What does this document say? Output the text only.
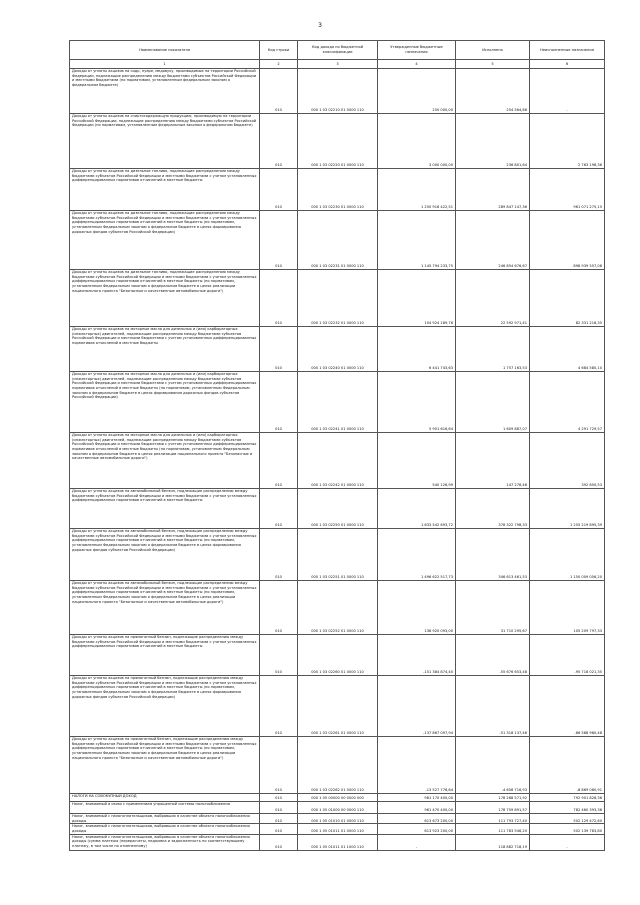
3
Наименование показателя	Код строки	Код дохода по бюджетной классификации	Утвержденные бюджетные назначения	Исполнено	Неисполненные назначения
1	2	3	4	5	6
Доходы от уплаты акцизов на сидр, пуаре, медовуху, производимые на территории Российской Федерации, подлежащие распределению между бюджетами субъектов Российской Федерации и местными бюджетами (по нормативам, установленным федеральным законом о федеральном бюджете)	010	000 1 03 02210 01 0000 110	250 000,00	254 564,66	-
Доходы от уплаты акцизов на спиртосодержащую продукцию, производимую на территории Российской Федерации, подлежащие распределению между бюджетами субъектов Российской Федерации (по нормативам, установленным федеральным законом о федеральном бюджете)	010	000 1 03 02220 01 0000 110	3 000 000,00	236 801,64	2 763 198,36
Доходы от уплаты акцизов на дизельное топливо, подлежащие распределению между бюджетами субъектов Российской Федерации и местными бюджетами с учетом установленных дифференцированных нормативов отчислений в местные бюджеты	010	000 1 03 02230 01 0000 110	1 250 918 422,51	289 847 147,36	961 071 275,15
Доходы от уплаты акцизов на дизельное топливо, подлежащие распределению между бюджетами субъектов Российской Федерации и местными бюджетами с учетом установленных дифференцированных нормативов отчислений в местные бюджеты (по нормативам, установленным Федеральным законом о федеральном бюджете в целях формирования дорожных фондов субъектов Российской Федерации)	010	000 1 03 02231 01 0000 110	1 145 794 233,75	246 854 676,67	898 939 557,08
Доходы от уплаты акцизов на дизельное топливо, подлежащие распределению между бюджетами субъектов Российской Федерации и местными бюджетами с учетом установленных дифференцированных нормативов отчислений в местные бюджеты (по нормативам, установленным Федеральным законом о федеральном бюджете в целях реализации национального проекта "Безопасные и качественные автомобильные дороги")	010	000 1 03 02232 01 0000 110	104 924 189,76	22 592 971,41	82 331 218,35
Доходы от уплаты акцизов на моторные масла для дизельных и (или) карбюраторных (инжекторных) двигателей, подлежащие распределению между бюджетами субъектов Российской Федерации и местными бюджетами с учетом установленных дифференцированных нормативов отчислений в местные бюджеты	010	000 1 03 02240 01 0000 110	6 441 743,63	1 757 163,53	4 684 580,10
Доходы от уплаты акцизов на моторные масла для дизельных и (или) карбюраторных (инжекторных) двигателей, подлежащие распределению между бюджетами субъектов Российской Федерации и местными бюджетами с учетом установленных дифференцированных нормативов отчислений в местные бюджеты (по нормативам, установленным Федеральным законом о федеральном бюджете в целях формирования дорожных фондов субъектов Российской Федерации)	010	000 1 03 02241 01 0000 110	5 901 616,64	1 609 887,07	4 291 729,57
Доходы от уплаты акцизов на моторные масла для дизельных и (или) карбюраторных (инжекторных) двигателей, подлежащие распределению между бюджетами субъектов Российской Федерации и местными бюджетами с учетом установленных дифференцированных нормативов отчислений в местные бюджеты (по нормативам, установленным Федеральным законом о федеральном бюджете в целях реализации национального проекта "Безопасные и качественные автомобильные дороги")	010	000 1 03 02242 01 0000 110	540 126,99	147 276,46	392 850,53
Доходы от уплаты акцизов на автомобильный бензин, подлежащие распределению между бюджетами субъектов Российской Федерации и местными бюджетами с учетом установленных дифференцированных нормативов отчислений в местные бюджеты	010	000 1 03 02250 01 0000 110	1 633 542 693,72	378 322 798,33	1 255 219 895,39
Доходы от уплаты акцизов на автомобильный бензин, подлежащие распределению между бюджетами субъектов Российской Федерации и местными бюджетами с учетом установленных дифференцированных нормативов отчислений в местные бюджеты (по нормативам, установленным Федеральным законом о федеральном бюджете в целях формирования дорожных фондов субъектов Российской Федерации)	010	000 1 03 02251 01 0000 110	1 496 622 517,73	346 613 461,53	1 150 009 056,20
Доходы от уплаты акцизов на автомобильный бензин, подлежащие распределению между бюджетами субъектов Российской Федерации и местными бюджетами с учетом установленных дифференцированных нормативов отчислений в местные бюджеты (по нормативам, установленным Федеральным законом о федеральном бюджете в целях реализации национального проекта "Безопасные и качественные автомобильные дороги")	010	000 1 03 02252 01 0000 110	136 920 093,00	31 710 295,67	105 209 797,33
Доходы от уплаты акцизов на прямогонный бензин, подлежащие распределению между бюджетами субъектов Российской Федерации и местными бюджетами с учетом установленных дифференцированных нормативов отчислений в местные бюджеты	010	000 1 03 02260 01 0000 110	-151 384 874,40	-55 676 653,48	-95 718 021,35
Доходы от уплаты акцизов на прямогонный бензин, подлежащие распределению между бюджетами субъектов Российской Федерации и местными бюджетами с учетом установленных дифференцированных нормативов отчислений в местные бюджеты (по нормативам, установленным Федеральным законом о федеральном бюджете в целях формирования дорожных фондов субъектов Российской Федерации)	010	000 1 03 02261 01 0000 110	-137 867 097,94	-51 318 137,46	-86 568 960,48
Доходы от уплаты акцизов на прямогонный бензин, подлежащие распределению между бюджетами субъектов Российской Федерации и местными бюджетами с учетом установленных дифференцированных нормативов отчислений в местные бюджеты (по нормативам, установленным Федеральным законом о федеральном бюджете в целях реализации национального проекта "Безопасные и качественные автомобильные дороги")	010	000 1 03 02262 01 0000 110	-13 527 776,64	-4 658 716,93	-8 869 060,91
НАЛОГИ НА СОВОКУПНЫЙ ДОХОД	010	000 1 05 00000 00 0000 000	981 170 400,00	178 268 571,92	792 901 828,36
Налог, взимаемый в связи с применением упрощенной системы налогообложения	010	000 1 05 01000 00 0000 110	961 470 400,00	178 759 891,57	782 460 393,36
Налог, взимаемый с налогоплательщиков, выбравших в качестве объекта налогообложения доходы	010	000 1 05 01010 01 0000 110	613 673 200,00	111 793 727,40	502 129 472,60
Налог, взимаемый с налогоплательщиков, выбравших в качестве объекта налогообложения доходы	010	000 1 05 01011 01 0000 110	613 923 200,00	111 783 546,20	502 139 783,80
Налог, взимаемый с налогоплательщиков, выбравших в качестве объекта налогообложения доходы (сумма платежа (перерасчеты, недоимка и задолженность по соответствующему платежу, в том числе по отмененному)	010	000 1 05 01011 01 1000 110	-	118 882 718,19	-
